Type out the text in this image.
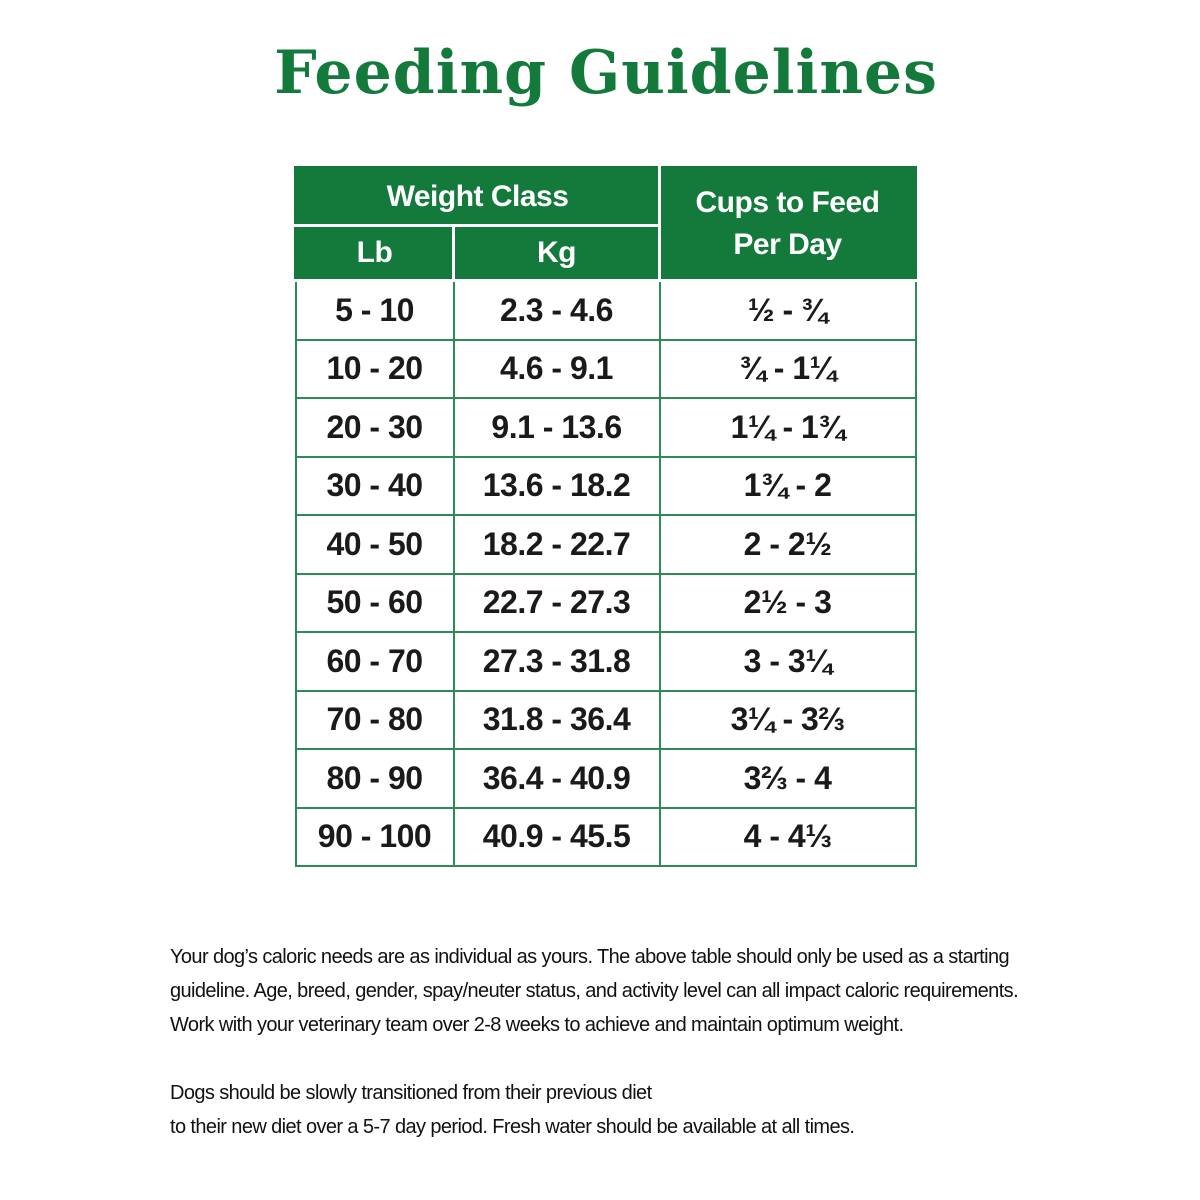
Feeding Guidelines
Weight Class		Cups to Feed
Per Day
Lb	Kg	
5 - 10	2.3 - 4.6	½ - ¾
10 - 20	4.6 - 9.1	¾ - 1¼
20 - 30	9.1 - 13.6	1¼ - 1¾
30 - 40	13.6 - 18.2	1¾ - 2
40 - 50	18.2 - 22.7	2 - 2½
50 - 60	22.7 - 27.3	2½ - 3
60 - 70	27.3 - 31.8	3 - 3¼
70 - 80	31.8 - 36.4	3¼ - 3⅔
80 - 90	36.4 - 40.9	3⅔ - 4
90 - 100	40.9 - 45.5	4 - 4⅓

Your dog’s caloric needs are as individual as yours. The above table should only be used as a starting
guideline. Age, breed, gender, spay/neuter status, and activity level can all impact caloric requirements.
Work with your veterinary team over 2-8 weeks to achieve and maintain optimum weight.

Dogs should be slowly transitioned from their previous diet
to their new diet over a 5-7 day period. Fresh water should be available at all times.
